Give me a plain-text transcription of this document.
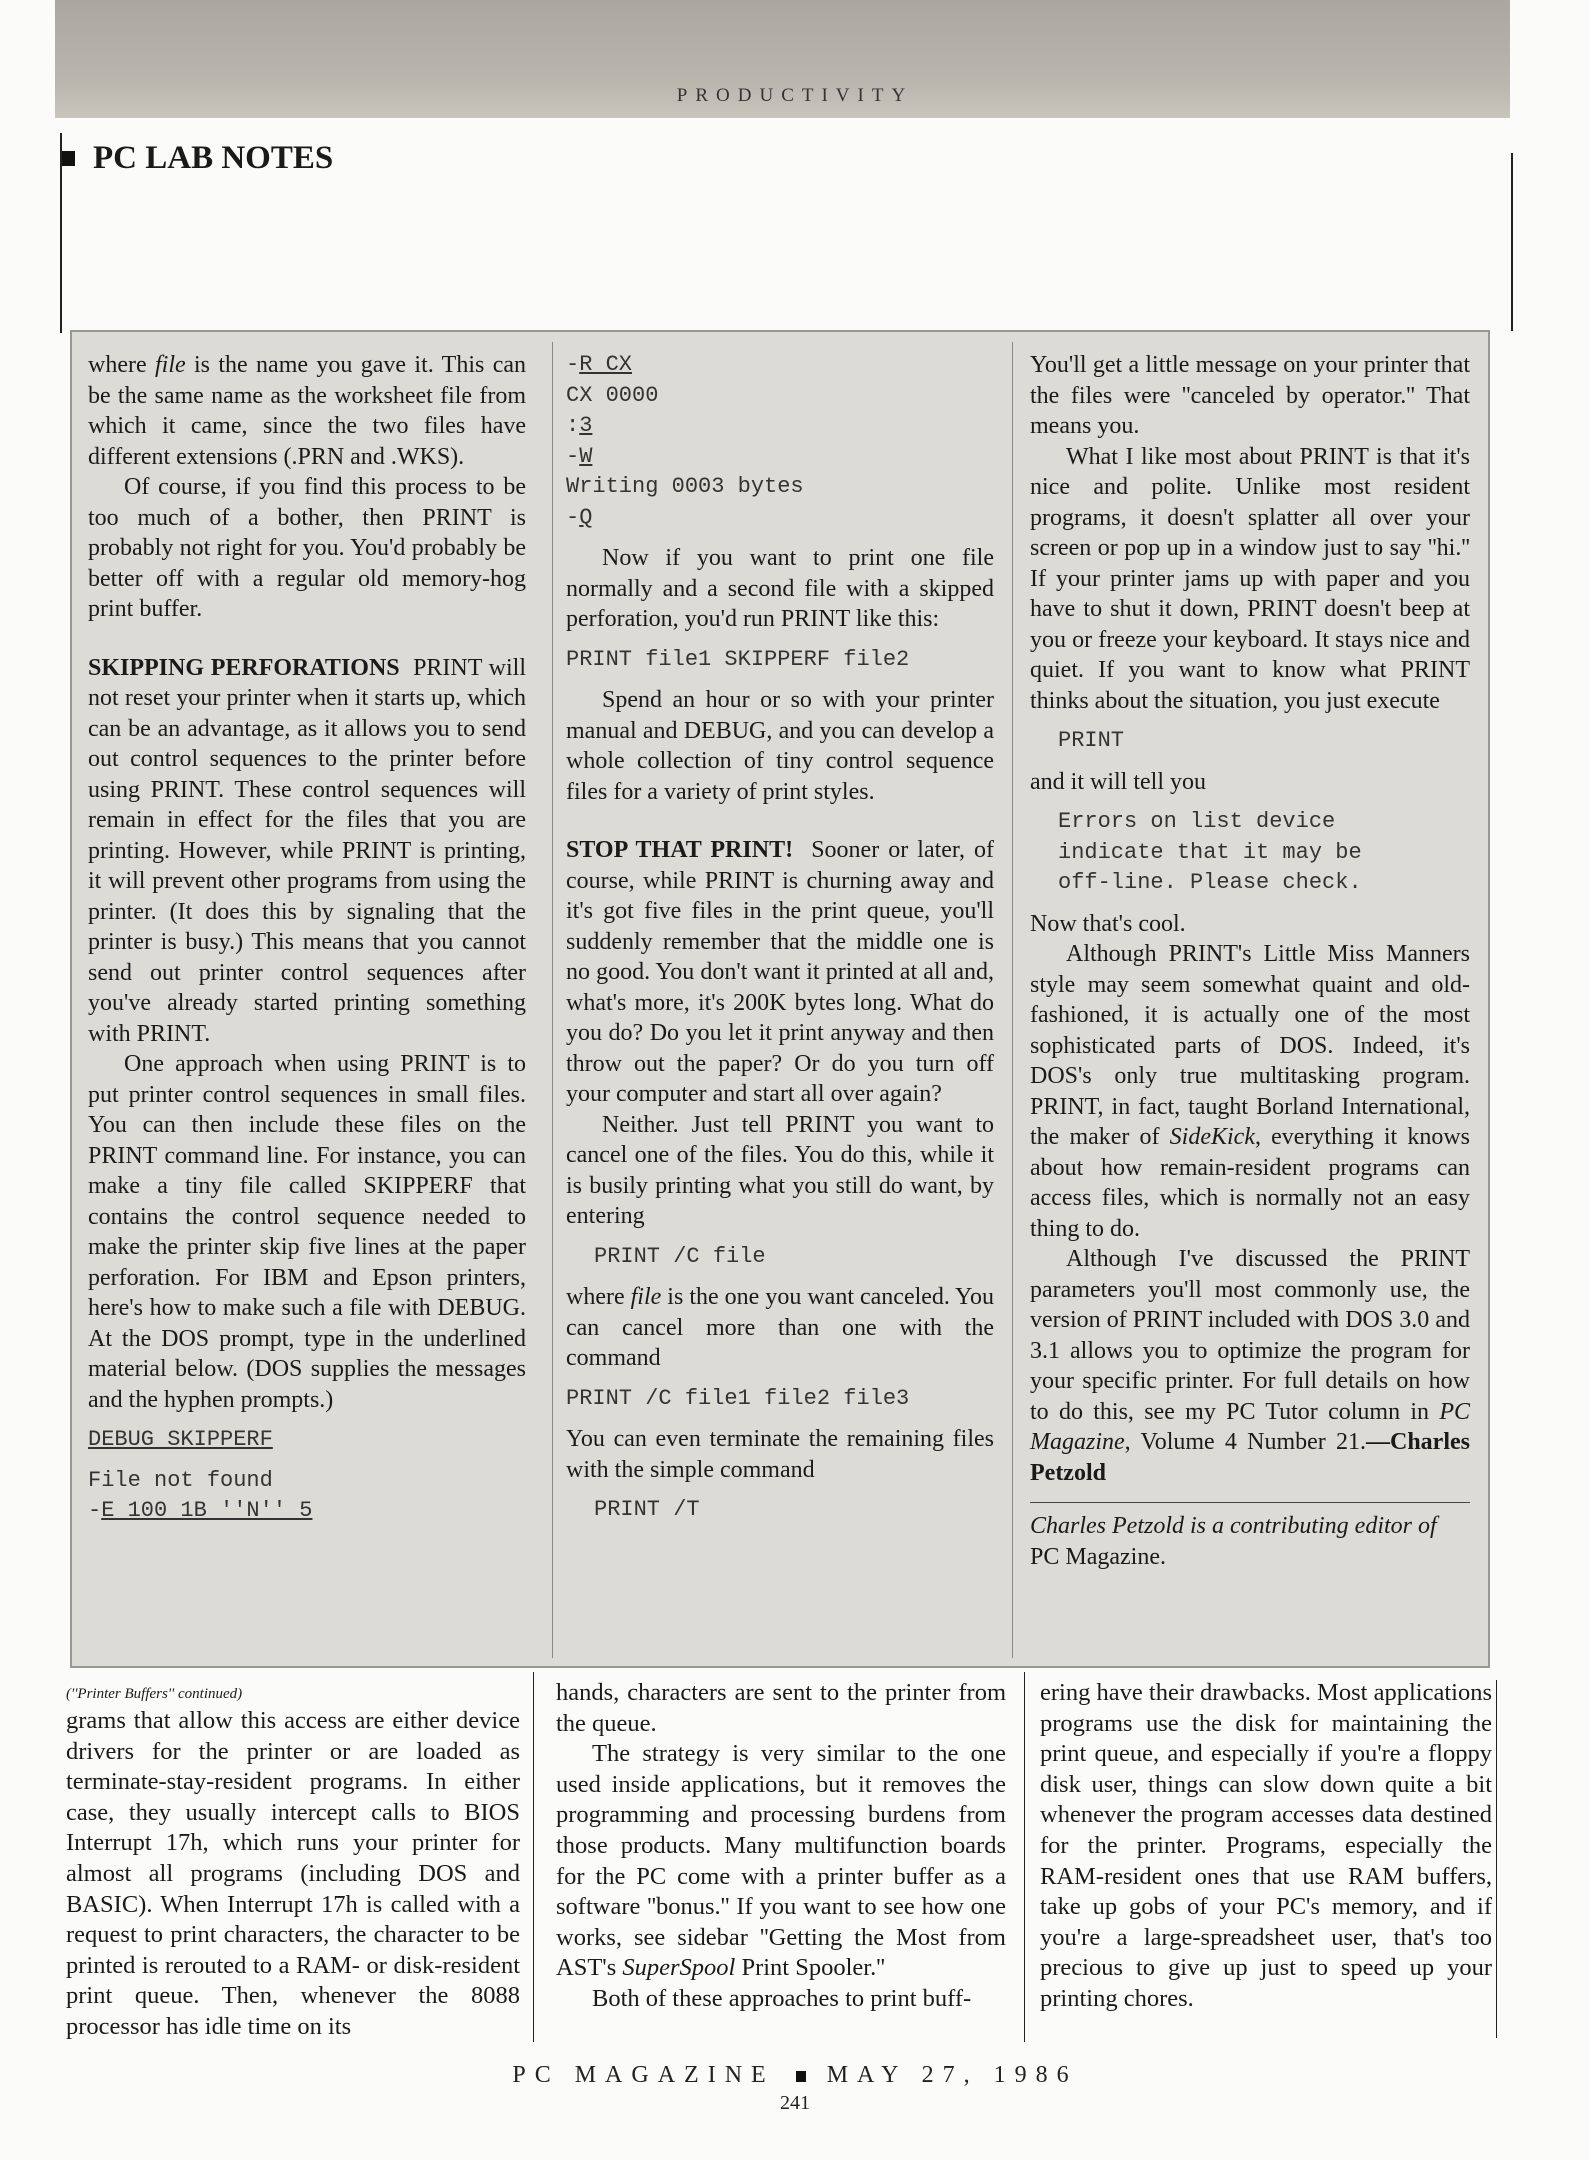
PRODUCTIVITY
PC LAB NOTES

where file is the name you gave it. This can be the same name as the worksheet file from which it came, since the two files have different extensions (.PRN and .WKS).

Of course, if you find this process to be too much of a bother, then PRINT is probably not right for you. You'd probably be better off with a regular old memory-hog print buffer.

SKIPPING PERFORATIONS PRINT will not reset your printer when it starts up, which can be an advantage, as it allows you to send out control sequences to the printer before using PRINT. These control sequences will remain in effect for the files that you are printing. However, while PRINT is printing, it will prevent other programs from using the printer. (It does this by signaling that the printer is busy.) This means that you cannot send out printer control sequences after you've already started printing something with PRINT.

One approach when using PRINT is to put printer control sequences in small files. You can then include these files on the PRINT command line. For instance, you can make a tiny file called SKIPPERF that contains the control sequence needed to make the printer skip five lines at the paper perforation. For IBM and Epson printers, here's how to make such a file with DEBUG. At the DOS prompt, type in the underlined material below. (DOS supplies the messages and the hyphen prompts.)

DEBUG SKIPPERF
File not found
-E 100 1B ''N'' 5
-R CX
CX 0000
:3
-W
Writing 0003 bytes
-Q

Now if you want to print one file normally and a second file with a skipped perforation, you'd run PRINT like this:

PRINT file1 SKIPPERF file2

Spend an hour or so with your printer manual and DEBUG, and you can develop a whole collection of tiny control sequence files for a variety of print styles.

STOP THAT PRINT! Sooner or later, of course, while PRINT is churning away and it's got five files in the print queue, you'll suddenly remember that the middle one is no good. You don't want it printed at all and, what's more, it's 200K bytes long. What do you do? Do you let it print anyway and then throw out the paper? Or do you turn off your computer and start all over again?

Neither. Just tell PRINT you want to cancel one of the files. You do this, while it is busily printing what you still do want, by entering

PRINT /C file

where file is the one you want canceled. You can cancel more than one with the command

PRINT /C file1 file2 file3

You can even terminate the remaining files with the simple command

PRINT /T

You'll get a little message on your printer that the files were ''canceled by operator.'' That means you.

What I like most about PRINT is that it's nice and polite. Unlike most resident programs, it doesn't splatter all over your screen or pop up in a window just to say ''hi.'' If your printer jams up with paper and you have to shut it down, PRINT doesn't beep at you or freeze your keyboard. It stays nice and quiet. If you want to know what PRINT thinks about the situation, you just execute

PRINT

and it will tell you

Errors on list device
indicate that it may be
off-line. Please check.

Now that's cool.

Although PRINT's Little Miss Manners style may seem somewhat quaint and old-fashioned, it is actually one of the most sophisticated parts of DOS. Indeed, it's DOS's only true multitasking program. PRINT, in fact, taught Borland International, the maker of SideKick, everything it knows about how remain-resident programs can access files, which is normally not an easy thing to do.

Although I've discussed the PRINT parameters you'll most commonly use, the version of PRINT included with DOS 3.0 and 3.1 allows you to optimize the program for your specific printer. For full details on how to do this, see my PC Tutor column in PC Magazine, Volume 4 Number 21.—Charles Petzold

Charles Petzold is a contributing editor of PC Magazine.

(''Printer Buffers'' continued)

grams that allow this access are either device drivers for the printer or are loaded as terminate-stay-resident programs. In either case, they usually intercept calls to BIOS Interrupt 17h, which runs your printer for almost all programs (including DOS and BASIC). When Interrupt 17h is called with a request to print characters, the character to be printed is rerouted to a RAM- or disk-resident print queue. Then, whenever the 8088 processor has idle time on its

hands, characters are sent to the printer from the queue.

The strategy is very similar to the one used inside applications, but it removes the programming and processing burdens from those products. Many multifunction boards for the PC come with a printer buffer as a software ''bonus.'' If you want to see how one works, see sidebar ''Getting the Most from AST's SuperSpool Print Spooler.''

Both of these approaches to print buff-

ering have their drawbacks. Most applications programs use the disk for maintaining the print queue, and especially if you're a floppy disk user, things can slow down quite a bit whenever the program accesses data destined for the printer. Programs, especially the RAM-resident ones that use RAM buffers, take up gobs of your PC's memory, and if you're a large-spreadsheet user, that's too precious to give up just to speed up your printing chores.

PC MAGAZINE MAY 27, 1986
241
